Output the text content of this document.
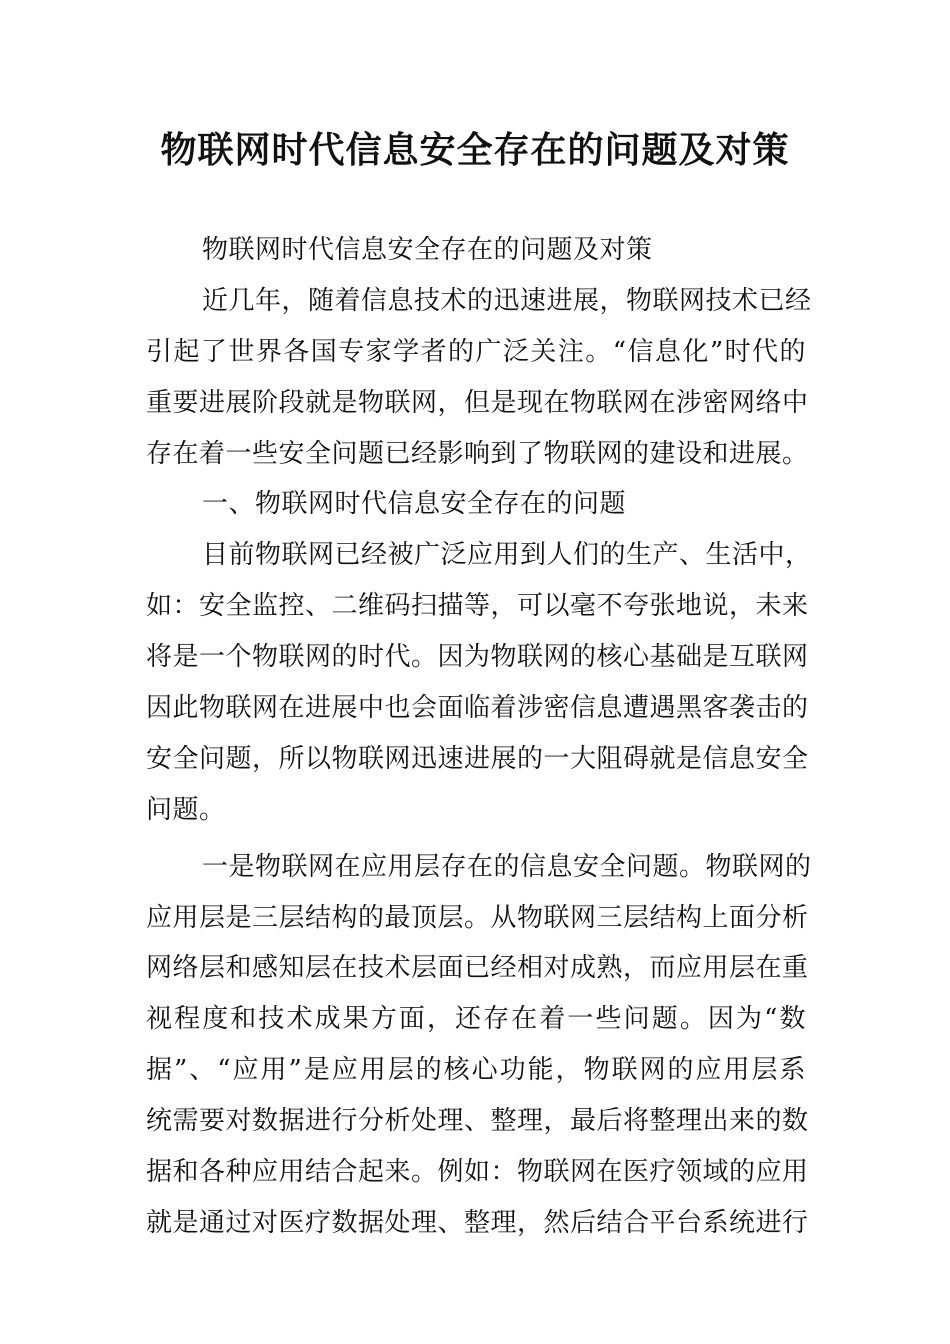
物联网时代信息安全存在的问题及对策
物联网时代信息安全存在的问题及对策
近几年，随着信息技术的迅速进展，物联网技术已经
引起了世界各国专家学者的广泛关注。“信息化”时代的
重要进展阶段就是物联网，但是现在物联网在涉密网络中
存在着一些安全问题已经影响到了物联网的建设和进展。
一、物联网时代信息安全存在的问题
目前物联网已经被广泛应用到人们的生产、生活中，
如：安全监控、二维码扫描等，可以毫不夸张地说，未来
将是一个物联网的时代。因为物联网的核心基础是互联网
因此物联网在进展中也会面临着涉密信息遭遇黑客袭击的
安全问题，所以物联网迅速进展的一大阻碍就是信息安全
问题。
一是物联网在应用层存在的信息安全问题。物联网的
应用层是三层结构的最顶层。从物联网三层结构上面分析
网络层和感知层在技术层面已经相对成熟，而应用层在重
视程度和技术成果方面，还存在着一些问题。因为“数
据”、“应用”是应用层的核心功能，物联网的应用层系
统需要对数据进行分析处理、整理，最后将整理出来的数
据和各种应用结合起来。例如：物联网在医疗领域的应用
就是通过对医疗数据处理、整理，然后结合平台系统进行
